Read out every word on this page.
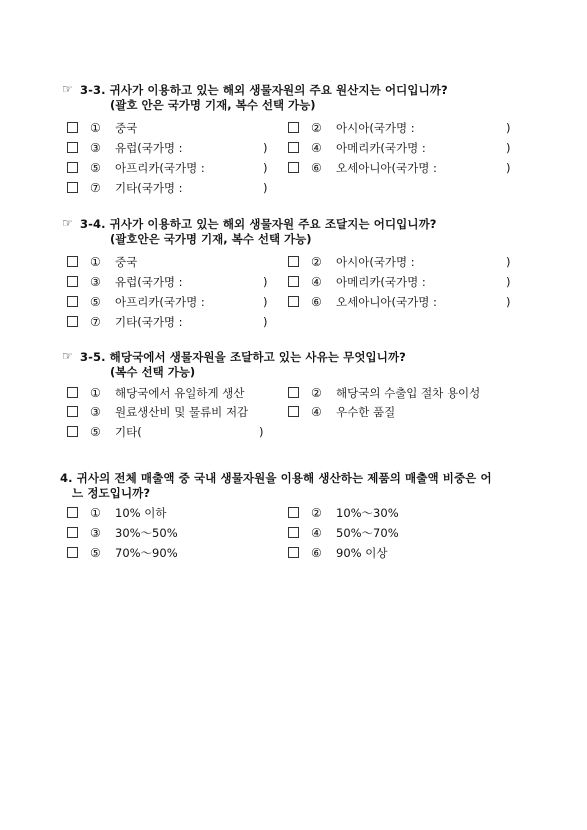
☞ 3-3. 귀사가 이용하고 있는 해외 생물자원의 주요 원산지는 어디입니까?
(괄호 안은 국가명 기재, 복수 선택 가능)
① 중국	② 아시아(국가명 :	)
③ 유럽(국가명 :	)	④ 아메리카(국가명 :	)
⑤ 아프리카(국가명 :	)	⑥ 오세아니아(국가명 :	)
⑦ 기타(국가명 :	)
☞ 3-4. 귀사가 이용하고 있는 해외 생물자원 주요 조달지는 어디입니까?
(괄호안은 국가명 기재, 복수 선택 가능)
① 중국	② 아시아(국가명 :	)
③ 유럽(국가명 :	)	④ 아메리카(국가명 :	)
⑤ 아프리카(국가명 :	)	⑥ 오세아니아(국가명 :	)
⑦ 기타(국가명 :	)
☞ 3-5. 해당국에서 생물자원을 조달하고 있는 사유는 무엇입니까?
(복수 선택 가능)
① 해당국에서 유일하게 생산	② 해당국의 수출입 절차 용이성
③ 원료생산비 및 물류비 저감	④ 우수한 품질
⑤ 기타(	)
4. 귀사의 전체 매출액 중 국내 생물자원을 이용해 생산하는 제품의 매출액 비중은 어
느 정도입니까?
① 10% 이하	② 10%～30%
③ 30%～50%	④ 50%～70%
⑤ 70%～90%	⑥ 90% 이상
